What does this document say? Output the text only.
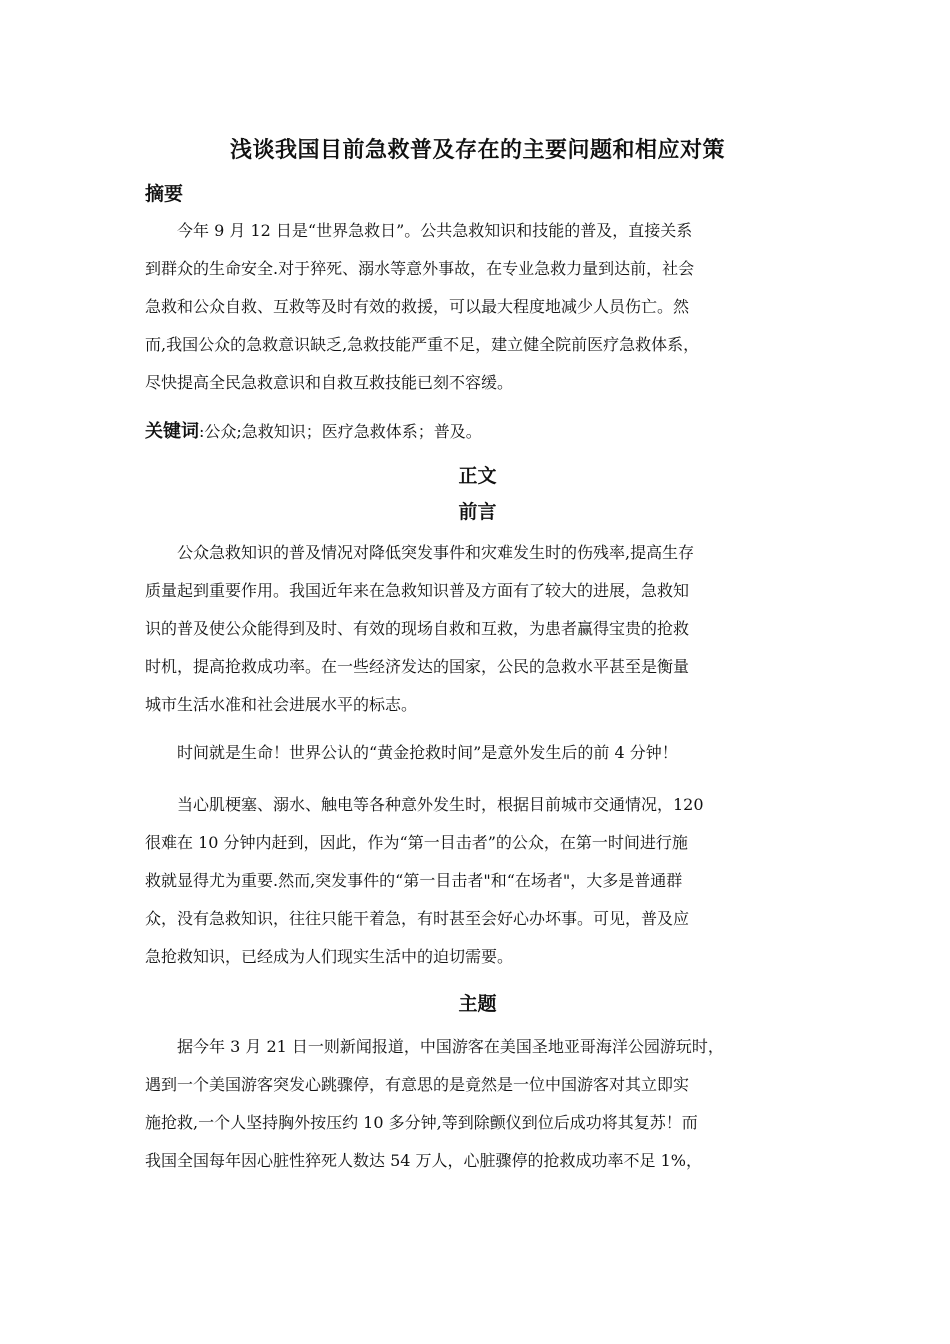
浅谈我国目前急救普及存在的主要问题和相应对策
摘要

今年 9 月 12 日是“世界急救日”。公共急救知识和技能的普及，直接关系
到群众的生命安全.对于猝死、溺水等意外事故，在专业急救力量到达前，社会
急救和公众自救、互救等及时有效的救援，可以最大程度地减少人员伤亡。然
而,我国公众的急救意识缺乏,急救技能严重不足，建立健全院前医疗急救体系，
尽快提高全民急救意识和自救互救技能已刻不容缓。

关键词:公众;急救知识；医疗急救体系；普及。
正文
前言

公众急救知识的普及情况对降低突发事件和灾难发生时的伤残率,提高生存
质量起到重要作用。我国近年来在急救知识普及方面有了较大的进展，急救知
识的普及使公众能得到及时、有效的现场自救和互救，为患者赢得宝贵的抢救
时机，提高抢救成功率。在一些经济发达的国家，公民的急救水平甚至是衡量
城市生活水准和社会进展水平的标志。

时间就是生命！世界公认的“黄金抢救时间”是意外发生后的前 4 分钟！

当心肌梗塞、溺水、触电等各种意外发生时，根据目前城市交通情况，120
很难在 10 分钟内赶到，因此，作为“第一目击者”的公众，在第一时间进行施
救就显得尤为重要.然而,突发事件的“第一目击者"和“在场者"，大多是普通群
众，没有急救知识，往往只能干着急，有时甚至会好心办坏事。可见，普及应
急抢救知识，已经成为人们现实生活中的迫切需要。

主题

据今年 3 月 21 日一则新闻报道，中国游客在美国圣地亚哥海洋公园游玩时，
遇到一个美国游客突发心跳骤停，有意思的是竟然是一位中国游客对其立即实
施抢救,一个人坚持胸外按压约 10 多分钟,等到除颤仪到位后成功将其复苏！而
我国全国每年因心脏性猝死人数达 54 万人，心脏骤停的抢救成功率不足 1%，
